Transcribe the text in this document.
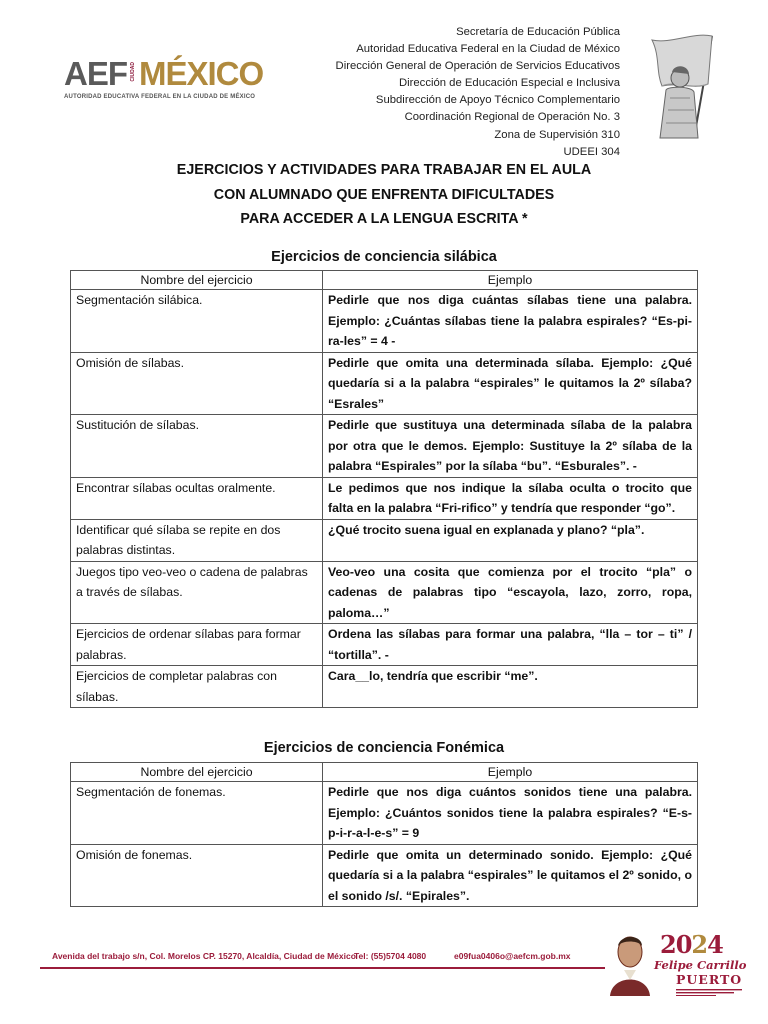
AEF CIUDAD MÉXICO
AUTORIDAD EDUCATIVA FEDERAL EN LA CIUDAD DE MÉXICO
Secretaría de Educación Pública
Autoridad Educativa Federal en la Ciudad de México
Dirección General de Operación de Servicios Educativos
Dirección de Educación Especial e Inclusiva
Subdirección de Apoyo Técnico Complementario
Coordinación Regional de Operación No. 3
Zona de Supervisión 310
UDEEI 304
EJERCICIOS Y ACTIVIDADES PARA TRABAJAR EN EL AULA
CON ALUMNADO QUE ENFRENTA DIFICULTADES
PARA ACCEDER A LA LENGUA ESCRITA *
Ejercicios de conciencia silábica
Nombre del ejercicio	Ejemplo
Segmentación silábica.	Pedirle que nos diga cuántas sílabas tiene una palabra. Ejemplo: ¿Cuántas sílabas tiene la palabra espirales? “Es-pi-ra-les” = 4 -
Omisión de sílabas.	Pedirle que omita una determinada sílaba. Ejemplo: ¿Qué quedaría si a la palabra “espirales” le quitamos la 2º sílaba? “Esrales”
Sustitución de sílabas.	Pedirle que sustituya una determinada sílaba de la palabra por otra que le demos. Ejemplo: Sustituye la 2º sílaba de la palabra “Espirales” por la sílaba “bu”. “Esburales”. -
Encontrar sílabas ocultas oralmente.	Le pedimos que nos indique la sílaba oculta o trocito que falta en la palabra “Fri-rifico” y tendría que responder “go”.
Identificar qué sílaba se repite en dos palabras distintas.	¿Qué trocito suena igual en explanada y plano? “pla”.
Juegos tipo veo-veo o cadena de palabras a través de sílabas.	Veo-veo una cosita que comienza por el trocito “pla” o cadenas de palabras tipo “escayola, lazo, zorro, ropa, paloma…”
Ejercicios de ordenar sílabas para formar palabras.	Ordena las sílabas para formar una palabra, “lla – tor – ti” / “tortilla”. -
Ejercicios de completar palabras con sílabas.	Cara__lo, tendría que escribir “me”.
Ejercicios de conciencia Fonémica
Nombre del ejercicio	Ejemplo
Segmentación de fonemas.	Pedirle que nos diga cuántos sonidos tiene una palabra. Ejemplo: ¿Cuántos sonidos tiene la palabra espirales? “E-s-p-i-r-a-l-e-s” = 9
Omisión de fonemas.	Pedirle que omita un determinado sonido. Ejemplo: ¿Qué quedaría si a la palabra “espirales” le quitamos el 2º sonido, o el sonido /s/. “Epirales”.
Avenida del trabajo s/n, Col. Morelos CP. 15270, Alcaldía, Ciudad de México
Tel: (55)5704 4080	e09fua0406o@aefcm.gob.mx	2024
Felipe Carrillo
PUERTO
